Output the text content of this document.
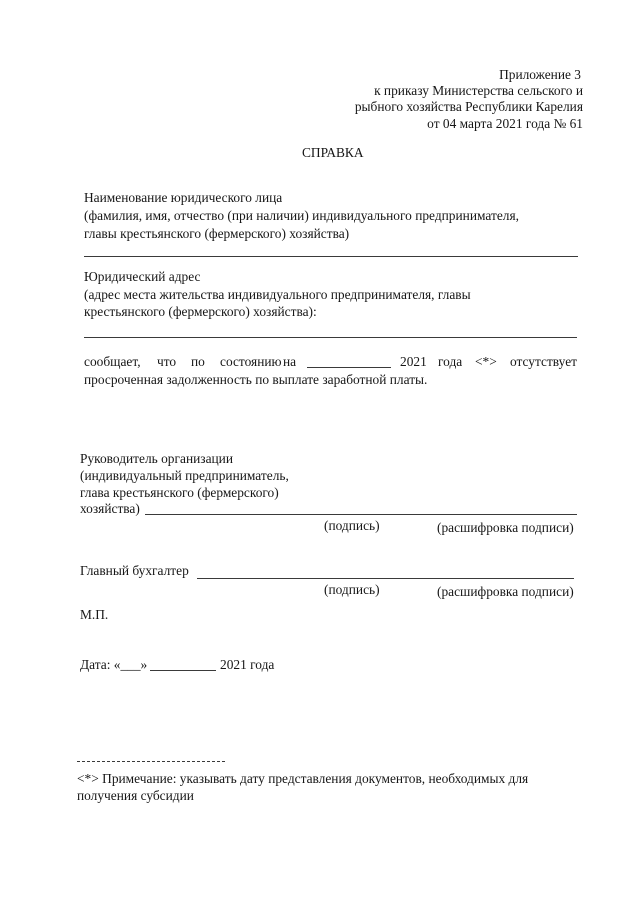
Приложение 3
к приказу Министерства сельского и
рыбного хозяйства Республики Карелия
от 04 марта 2021 года № 61
СПРАВКА
Наименование юридического лица
(фамилия, имя, отчество (при наличии) индивидуального предпринимателя,
главы крестьянского (фермерского) хозяйства)
Юридический адрес
(адрес места жительства индивидуального предпринимателя, главы
крестьянского (фермерского) хозяйства):
сообщает, что по состоянию на	2021 года <*> отсутствует
просроченная задолженность по выплате заработной платы.
Руководитель организации
(индивидуальный предприниматель,
глава крестьянского (фермерского)
хозяйства)
(подпись)	(расшифровка подписи)
Главный бухгалтер
(подпись)	(расшифровка подписи)
М.П.
Дата: «___»	2021 года
<*> Примечание: указывать дату представления документов, необходимых для
получения субсидии
